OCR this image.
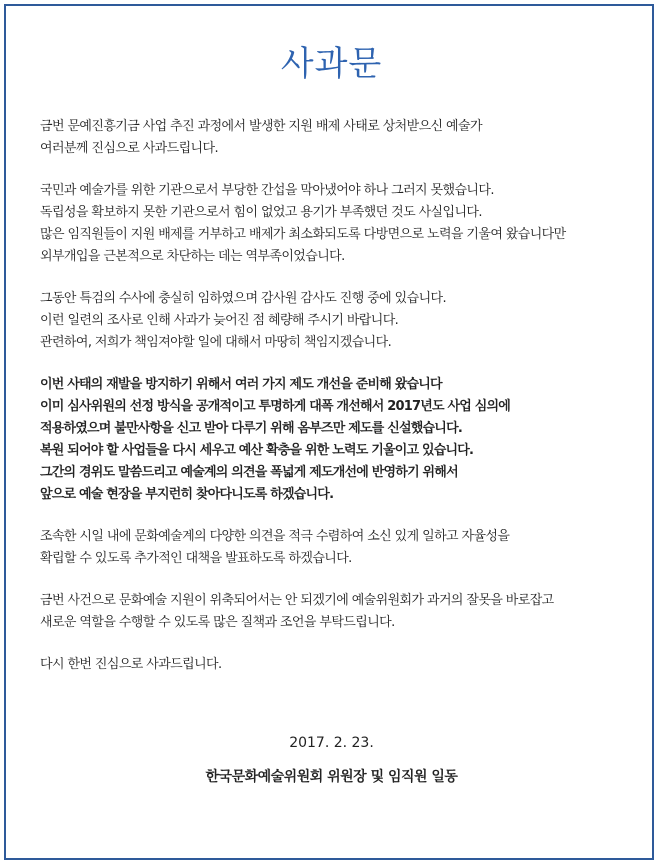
사과문

금번 문예진흥기금 사업 추진 과정에서 발생한 지원 배제 사태로 상처받으신 예술가
여러분께 진심으로 사과드립니다.

국민과 예술가를 위한 기관으로서 부당한 간섭을 막아냈어야 하나 그러지 못했습니다.
독립성을 확보하지 못한 기관으로서 힘이 없었고 용기가 부족했던 것도 사실입니다.
많은 임직원들이 지원 배제를 거부하고 배제가 최소화되도록 다방면으로 노력을 기울여 왔습니다만
외부개입을 근본적으로 차단하는 데는 역부족이었습니다.

그동안 특검의 수사에 충실히 임하였으며 감사원 감사도 진행 중에 있습니다.
이런 일련의 조사로 인해 사과가 늦어진 점 혜량해 주시기 바랍니다.
관련하여, 저희가 책임져야할 일에 대해서 마땅히 책임지겠습니다.

이번 사태의 재발을 방지하기 위해서 여러 가지 제도 개선을 준비해 왔습니다
이미 심사위원의 선정 방식을 공개적이고 투명하게 대폭 개선해서 2017년도 사업 심의에
적용하였으며 불만사항을 신고 받아 다루기 위해 옴부즈만 제도를 신설했습니다.
복원 되어야 할 사업들을 다시 세우고 예산 확충을 위한 노력도 기울이고 있습니다.
그간의 경위도 말씀드리고 예술계의 의견을 폭넓게 제도개선에 반영하기 위해서
앞으로 예술 현장을 부지런히 찾아다니도록 하겠습니다.

조속한 시일 내에 문화예술계의 다양한 의견을 적극 수렴하여 소신 있게 일하고 자율성을
확립할 수 있도록 추가적인 대책을 발표하도록 하겠습니다.

금번 사건으로 문화예술 지원이 위축되어서는 안 되겠기에 예술위원회가 과거의 잘못을 바로잡고
새로운 역할을 수행할 수 있도록 많은 질책과 조언을 부탁드립니다.

다시 한번 진심으로 사과드립니다.

2017. 2. 23.
한국문화예술위원회 위원장 및 임직원 일동
